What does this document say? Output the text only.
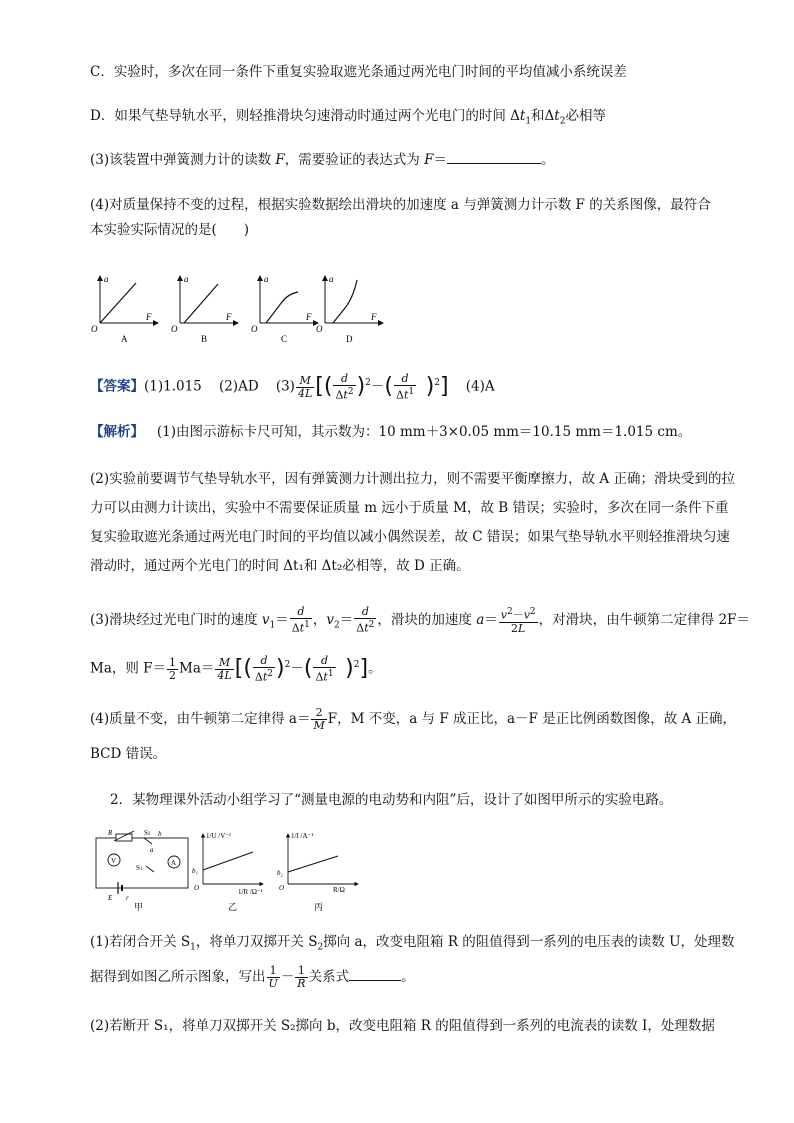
C．实验时，多次在同一条件下重复实验取遮光条通过两光电门时间的平均值减小系统误差
D．如果气垫导轨水平，则轻推滑块匀速滑动时通过两个光电门的时间 $\Delta t_1$和$\Delta t_2$必相等
(3)该装置中弹簧测力计的读数 F，需要验证的表达式为 F＝	。
(4)对质量保持不变的过程，根据实验数据绘出滑块的加速度 a 与弹簧测力计示数 F 的关系图像，最符合
本实验实际情况的是(　　)
a
F
O
A
a
F
O
B
a
F
O
C
a
F
O
D
【答案】(1)1.015 (2)AD $(3) \frac{M}{4L}$ [( $\frac{d}{\Delta t^2} )^2-( \frac{d}{\Delta t^1} )^2$] (4)A
【解析】 (1)由图示游标卡尺可知，其示数为：10 mm＋3×0.05 mm＝10.15 mm＝1.015 cm。
(2)实验前要调节气垫导轨水平，因有弹簧测力计测出拉力，则不需要平衡摩擦力，故 A 正确；滑块受到的拉力可以由测力计读出，实验中不需要保证质量 m 远小于质量 M，故 B 错误；实验时，多次在同一条件下重复实验取遮光条通过两光电门时间的平均值以减小偶然误差，故 C 错误；如果气垫导轨水平则轻推滑块匀速滑动时，通过两个光电门的时间 Δt₁和 Δt₂必相等，故 D 正确。
(3)滑块经过光电门时的速度 $v_1= \frac{d}{\Delta t^1}$ ，$v_2= \frac{d}{\Delta t^2}$ ，滑块的加速度 $a= \frac{v^2-v^2}{2L}$ ，对滑块，由牛顿第二定律得 2F＝
Ma，则 $F= \frac{1}{2} Ma= \frac{M}{4L}$ [( $\frac{d}{\Delta t^2} )^2-( \frac{d}{\Delta t^1} )^2$]。
(4)质量不变，由牛顿第二定律得 $a= \frac{2}{M}$ F，M 不变，a 与 F 成正比，a－F 是正比例函数图像，故 A 正确，
BCD 错误。
2．某物理课外活动小组学习了“测量电源的电动势和内阻”后，设计了如图甲所示的实验电路。
R
V	A
S2 b
a
S1
E r
甲
1/U /V⁻¹
b₁
O	1/R /Ω⁻¹
乙
1/I /A⁻¹
b₂
O	R/Ω
丙
(1)若闭合开关 $S_1$，将单刀双掷开关 $S_2$掷向 a，改变电阻箱 R 的阻值得到一系列的电压表的读数 U，处理数
据得到如图乙所示图象，写出 $\frac{1}{U} - \frac{1}{R}$ 关系式	。
(2)若断开 S₁，将单刀双掷开关 S₂掷向 b，改变电阻箱 R 的阻值得到一系列的电流表的读数 I，处理数据
